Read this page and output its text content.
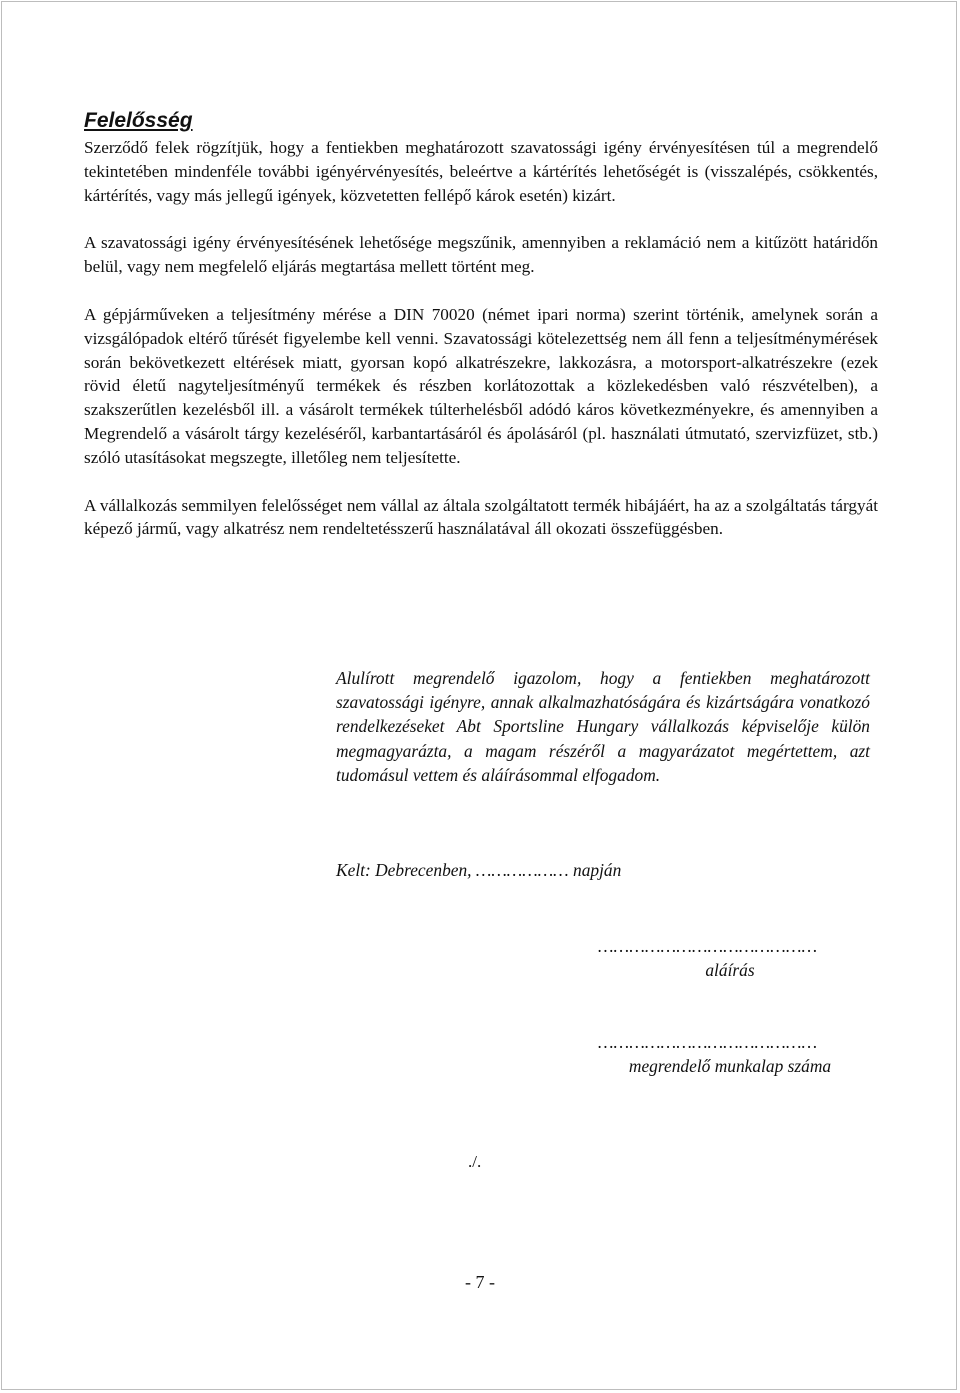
Felelősség

Szerződő felek rögzítjük, hogy a fentiekben meghatározott szavatossági igény érvényesítésen túl a megrendelő tekintetében mindenféle további igényérvényesítés, beleértve a kártérítés lehetőségét is (visszalépés, csökkentés, kártérítés, vagy más jellegű igények, közvetetten fellépő károk esetén) kizárt.

A szavatossági igény érvényesítésének lehetősége megszűnik, amennyiben a reklamáció nem a kitűzött határidőn belül, vagy nem megfelelő eljárás megtartása mellett történt meg.

A gépjárműveken a teljesítmény mérése a DIN 70020 (német ipari norma) szerint történik, amelynek során a vizsgálópadok eltérő tűrését figyelembe kell venni. Szavatossági kötelezettség nem áll fenn a teljesítménymérések során bekövetkezett eltérések miatt, gyorsan kopó alkatrészekre, lakkozásra, a motorsport-alkatrészekre (ezek rövid életű nagyteljesítményű termékek és részben korlátozottak a közlekedésben való részvételben), a szakszerűtlen kezelésből ill. a vásárolt termékek túlterhelésből adódó káros következményekre, és amennyiben a Megrendelő a vásárolt tárgy kezeléséről, karbantartásáról és ápolásáról (pl. használati útmutató, szervizfüzet, stb.) szóló utasításokat megszegte, illetőleg nem teljesítette.

A vállalkozás semmilyen felelősséget nem vállal az általa szolgáltatott termék hibájáért, ha az a szolgáltatás tárgyát képező jármű, vagy alkatrész nem rendeltetésszerű használatával áll okozati összefüggésben.

Alulírott megrendelő igazolom, hogy a fentiekben meghatározott szavatossági igényre, annak alkalmazhatóságára és kizártságára vonatkozó rendelkezéseket Abt Sportsline Hungary vállalkozás képviselője külön megmagyarázta, a magam részéről a magyarázatot megértettem, azt tudomásul vettem és aláírásommal elfogadom.

Kelt: Debrecenben, ……………… napján

……………………………………
aláírás
……………………………………
megrendelő munkalap száma
./.
- 7 -
